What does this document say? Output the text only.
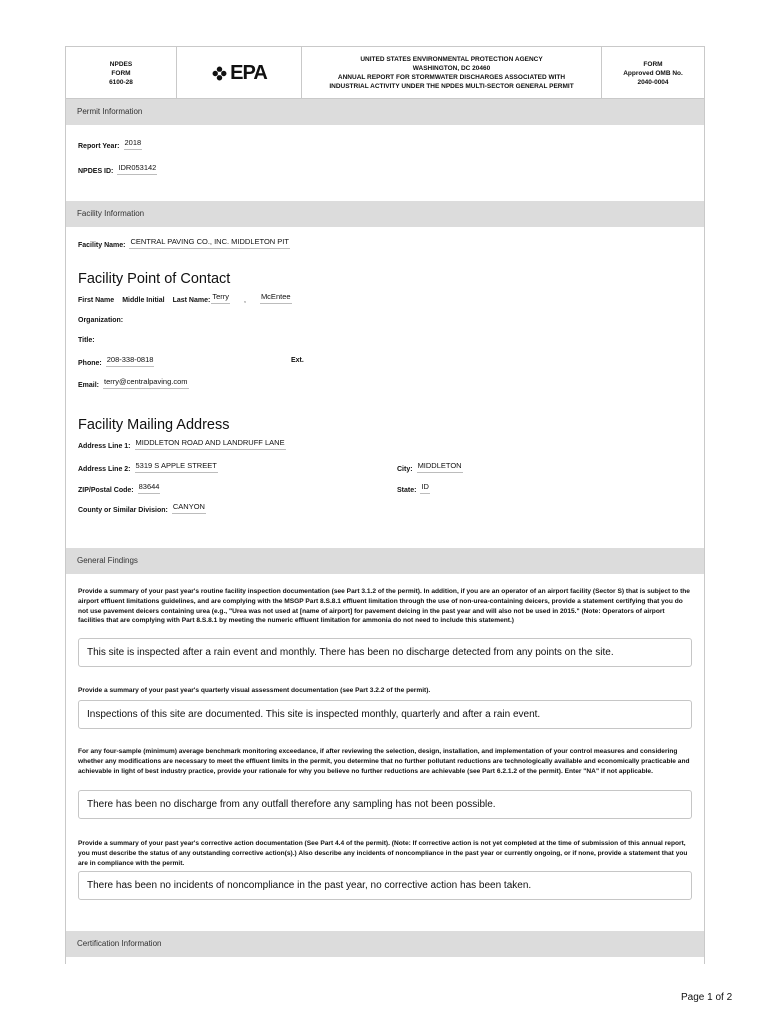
NPDES
FORM
6100-28	EPA
UNITED STATES ENVIRONMENTAL PROTECTION AGENCY
WASHINGTON, DC 20460
ANNUAL REPORT FOR STORMWATER DISCHARGES ASSOCIATED WITH
INDUSTRIAL ACTIVITY UNDER THE NPDES MULTI-SECTOR GENERAL PERMIT
FORM
Approved OMB No.
2040-0004
Permit Information
Report Year: 2018
NPDES ID: IDR053142
Facility Information
Facility Name: CENTRAL PAVING CO., INC. MIDDLETON PIT
Facility Point of Contact
First Name Middle Initial Last Name: Terry , McEntee
Organization:
Title:
Phone: 208-338-0818	Ext.
Email: terry@centralpaving.com
Facility Mailing Address
Address Line 1: MIDDLETON ROAD AND LANDRUFF LANE
Address Line 2: 5319 S APPLE STREET	City: MIDDLETON
ZIP/Postal Code: 83644	State: ID
County or Similar Division: CANYON
General Findings
Provide a summary of your past year's routine facility inspection documentation (see Part 3.1.2 of the permit). In addition, if you are an operator of an airport facility (Sector S) that is subject to the airport effluent limitations guidelines, and are complying with the MSGP Part 8.S.8.1 effluent limitation through the use of non-urea-containing deicers, provide a statement certifying that you do not use pavement deicers containing urea (e.g., "Urea was not used at [name of airport] for pavement deicing in the past year and will also not be used in 2015." (Note: Operators of airport facilities that are complying with Part 8.S.8.1 by meeting the numeric effluent limitation for ammonia do not need to include this statement.)
This site is inspected after a rain event and monthly. There has been no discharge detected from any points on the site.
Provide a summary of your past year's quarterly visual assessment documentation (see Part 3.2.2 of the permit).
Inspections of this site are documented. This site is inspected monthly, quarterly and after a rain event.
For any four-sample (minimum) average benchmark monitoring exceedance, if after reviewing the selection, design, installation, and implementation of your control measures and considering whether any modifications are necessary to meet the effluent limits in the permit, you determine that no further pollutant reductions are technologically available and economically practicable and achievable in light of best industry practice, provide your rationale for why you believe no further reductions are achievable (see Part 6.2.1.2 of the permit). Enter "NA" if not applicable.
There has been no discharge from any outfall therefore any sampling has not been possible.
Provide a summary of your past year's corrective action documentation (See Part 4.4 of the permit). (Note: If corrective action is not yet completed at the time of submission of this annual report, you must describe the status of any outstanding corrective action(s).) Also describe any incidents of noncompliance in the past year or currently ongoing, or if none, provide a statement that you are in compliance with the permit.
There has been no incidents of noncompliance in the past year, no corrective action has been taken.
Certification Information
Page 1 of 2
